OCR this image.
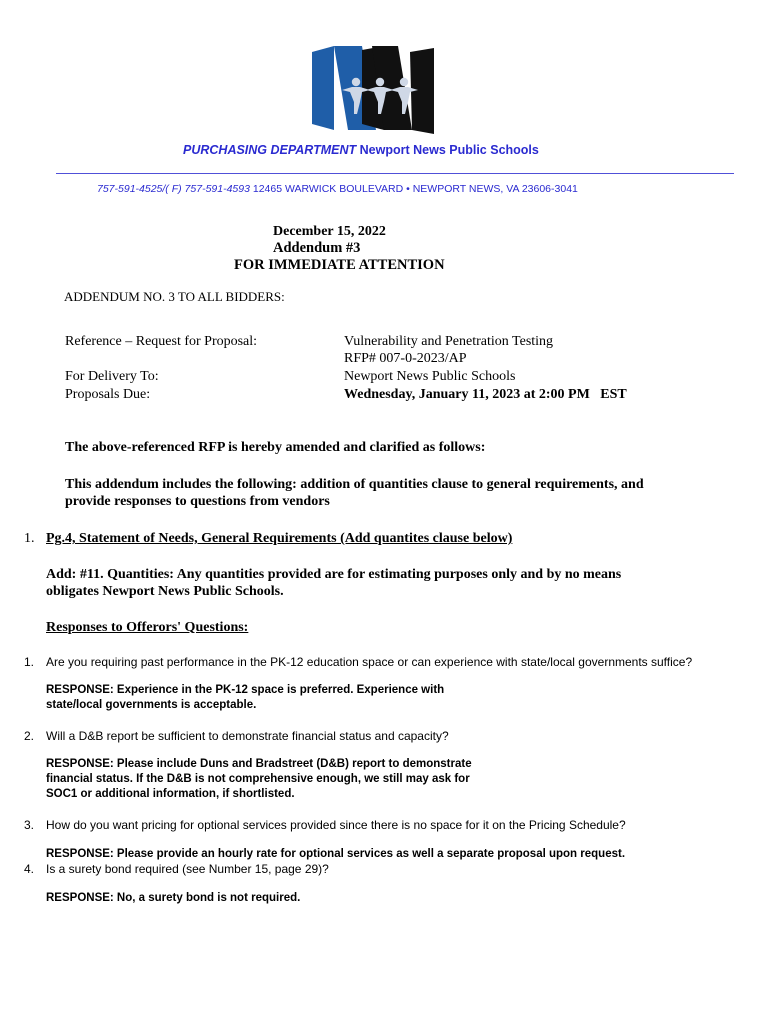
PURCHASING DEPARTMENT Newport News Public Schools
757-591-4525/( F) 757-591-4593 12465 WARWICK BOULEVARD • NEWPORT NEWS, VA 23606-3041
December 15, 2022
Addendum #3
FOR IMMEDIATE ATTENTION
ADDENDUM NO. 3 TO ALL BIDDERS:
Reference – Request for Proposal:	Vulnerability and Penetration Testing
RFP# 007-0-2023/AP
For Delivery To:	Newport News Public Schools
Proposals Due:	Wednesday, January 11, 2023 at 2:00 PM   EST
The above-referenced RFP is hereby amended and clarified as follows:
This addendum includes the following: addition of quantities clause to general requirements, and
provide responses to questions from vendors
1. Pg.4, Statement of Needs, General Requirements (Add quantites clause below)
Add: #11. Quantities: Any quantities provided are for estimating purposes only and by no means
obligates Newport News Public Schools.
Responses to Offerors' Questions:
1. Are you requiring past performance in the PK-12 education space or can experience with state/local governments suffice?
RESPONSE: Experience in the PK-12 space is preferred. Experience with
state/local governments is acceptable.
2. Will a D&B report be sufficient to demonstrate financial status and capacity?
RESPONSE: Please include Duns and Bradstreet (D&B) report to demonstrate
financial status. If the D&B is not comprehensive enough, we still may ask for
SOC1 or additional information, if shortlisted.
3. How do you want pricing for optional services provided since there is no space for it on the Pricing Schedule?
RESPONSE: Please provide an hourly rate for optional services as well a separate proposal upon request.
4. Is a surety bond required (see Number 15, page 29)?
RESPONSE: No, a surety bond is not required.
